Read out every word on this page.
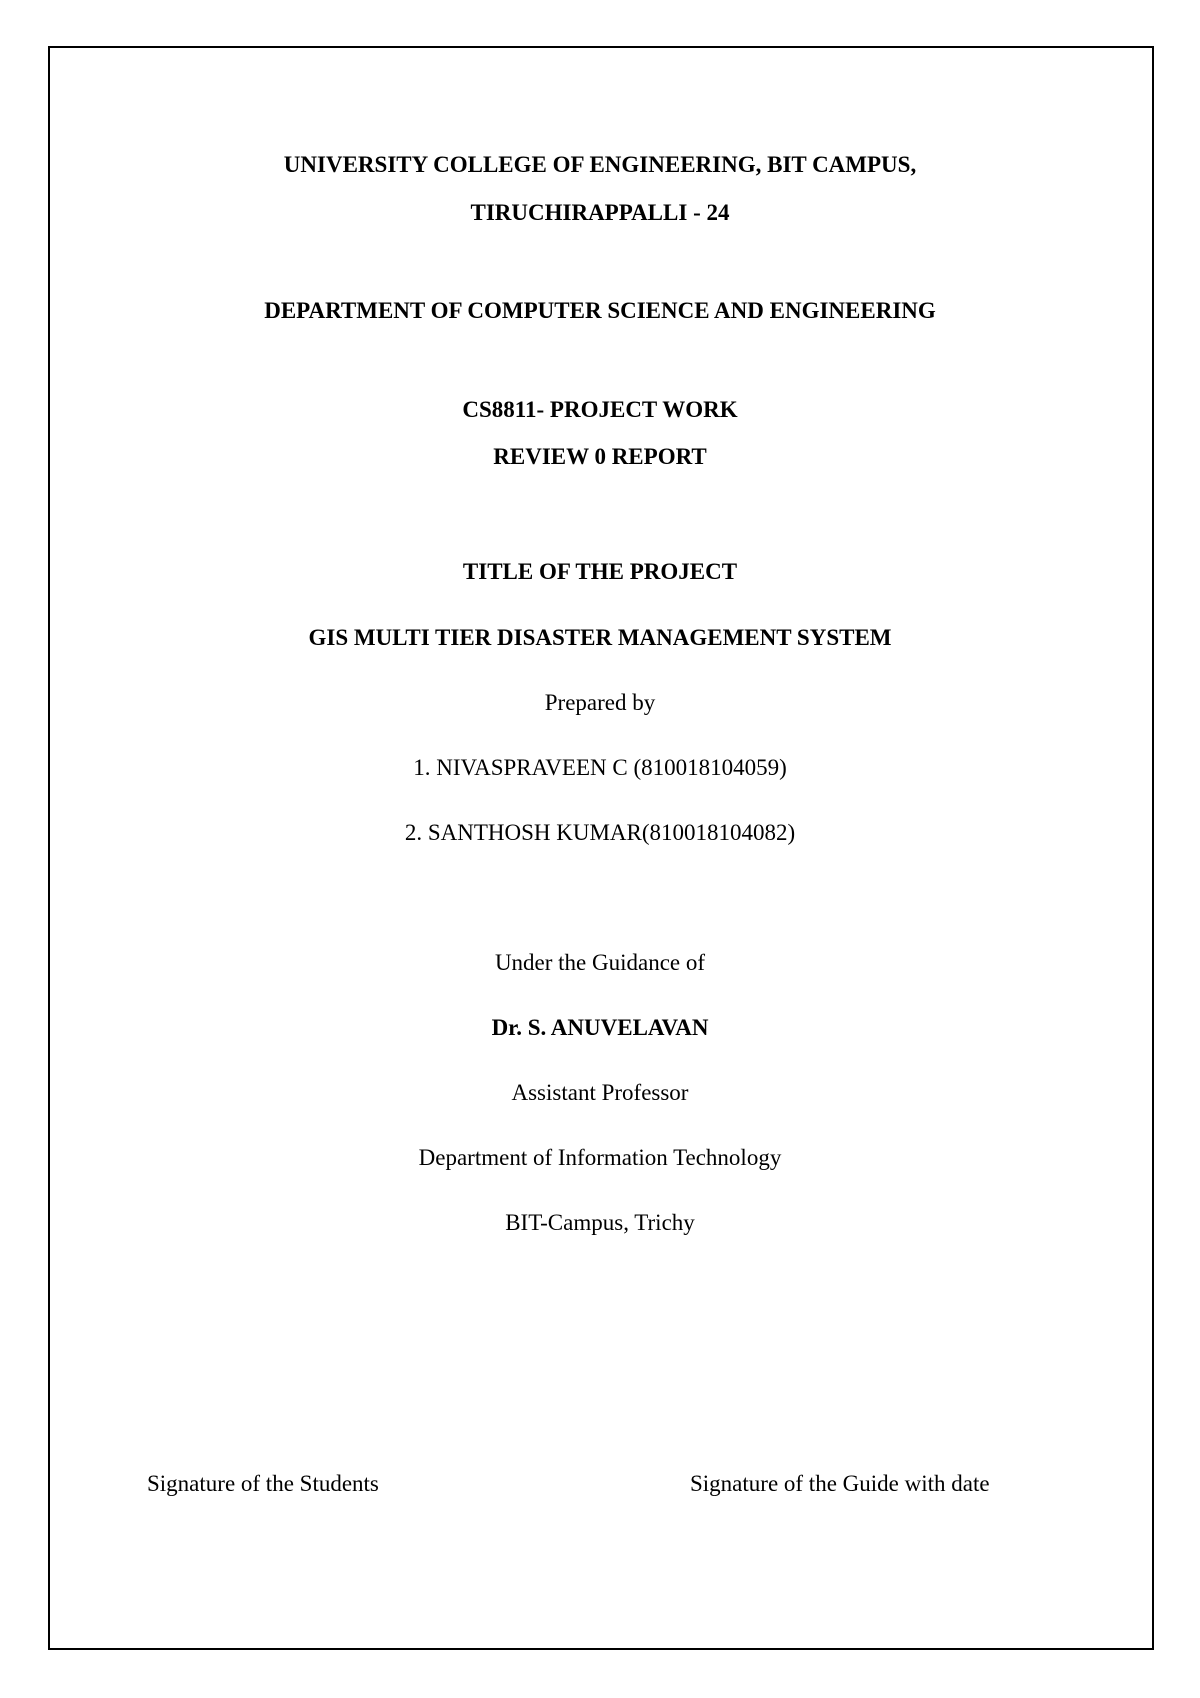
UNIVERSITY COLLEGE OF ENGINEERING, BIT CAMPUS,
TIRUCHIRAPPALLI - 24
DEPARTMENT OF COMPUTER SCIENCE AND ENGINEERING
CS8811- PROJECT WORK
REVIEW 0 REPORT
TITLE OF THE PROJECT
GIS MULTI TIER DISASTER MANAGEMENT SYSTEM
Prepared by
1. NIVASPRAVEEN C (810018104059)
2. SANTHOSH KUMAR(810018104082)
Under the Guidance of
Dr. S. ANUVELAVAN
Assistant Professor
Department of Information Technology
BIT-Campus, Trichy
Signature of the Students	Signature of the Guide with date
